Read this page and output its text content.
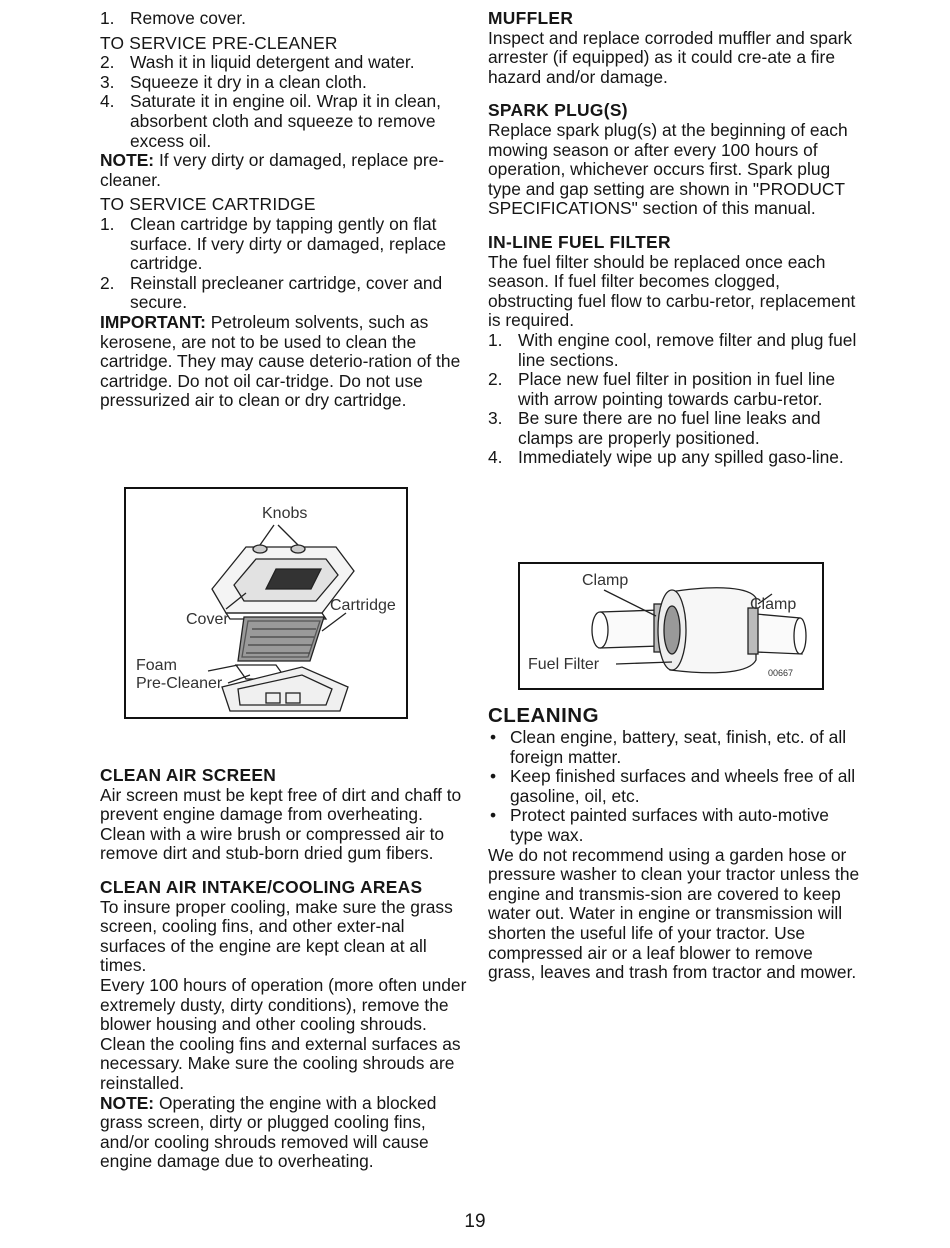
1. Remove cover.

TO SERVICE PRE-CLEANER

2. Wash it in liquid detergent and water.
3. Squeeze it dry in a clean cloth.
4. Saturate it in engine oil. Wrap it in clean, absorbent cloth and squeeze to remove excess oil.

NOTE: If very dirty or damaged, replace pre-cleaner.

TO SERVICE CARTRIDGE

1. Clean cartridge by tapping gently on flat surface. If very dirty or damaged, replace cartridge.
2. Reinstall precleaner cartridge, cover and secure.

IMPORTANT: Petroleum solvents, such as kerosene, are not to be used to clean the cartridge. They may cause deterio-ration of the cartridge. Do not oil car-tridge. Do not use pressurized air to clean or dry cartridge.

Knobs
Cover
Cartridge
Foam
Pre-Cleaner

CLEAN AIR SCREEN

Air screen must be kept free of dirt and chaff to prevent engine damage from overheating. Clean with a wire brush or compressed air to remove dirt and stub-born dried gum fibers.

CLEAN AIR INTAKE/COOLING AREAS

To insure proper cooling, make sure the grass screen, cooling fins, and other exter-nal surfaces of the engine are kept clean at all times.

Every 100 hours of operation (more often under extremely dusty, dirty conditions), remove the blower housing and other cooling shrouds. Clean the cooling fins and external surfaces as necessary. Make sure the cooling shrouds are reinstalled.

NOTE: Operating the engine with a blocked grass screen, dirty or plugged cooling fins, and/or cooling shrouds removed will cause engine damage due to overheating.

MUFFLER

Inspect and replace corroded muffler and spark arrester (if equipped) as it could cre-ate a fire hazard and/or damage.

SPARK PLUG(S)

Replace spark plug(s) at the beginning of each mowing season or after every 100 hours of operation, whichever occurs first. Spark plug type and gap setting are shown in "PRODUCT SPECIFICATIONS" section of this manual.

IN-LINE FUEL FILTER

The fuel filter should be replaced once each season. If fuel filter becomes clogged, obstructing fuel flow to carbu-retor, replacement is required.

1. With engine cool, remove filter and plug fuel line sections.
2. Place new fuel filter in position in fuel line with arrow pointing towards carbu-retor.
3. Be sure there are no fuel line leaks and clamps are properly positioned.
4. Immediately wipe up any spilled gaso-line.
Clamp
Clamp
Fuel Filter	00667

CLEANING

• Clean engine, battery, seat, finish, etc. of all foreign matter.
• Keep finished surfaces and wheels free of all gasoline, oil, etc.
• Protect painted surfaces with auto-motive type wax.

We do not recommend using a garden hose or pressure washer to clean your tractor unless the engine and transmis-sion are covered to keep water out. Water in engine or transmission will shorten the useful life of your tractor. Use compressed air or a leaf blower to remove grass, leaves and trash from tractor and mower.

19
